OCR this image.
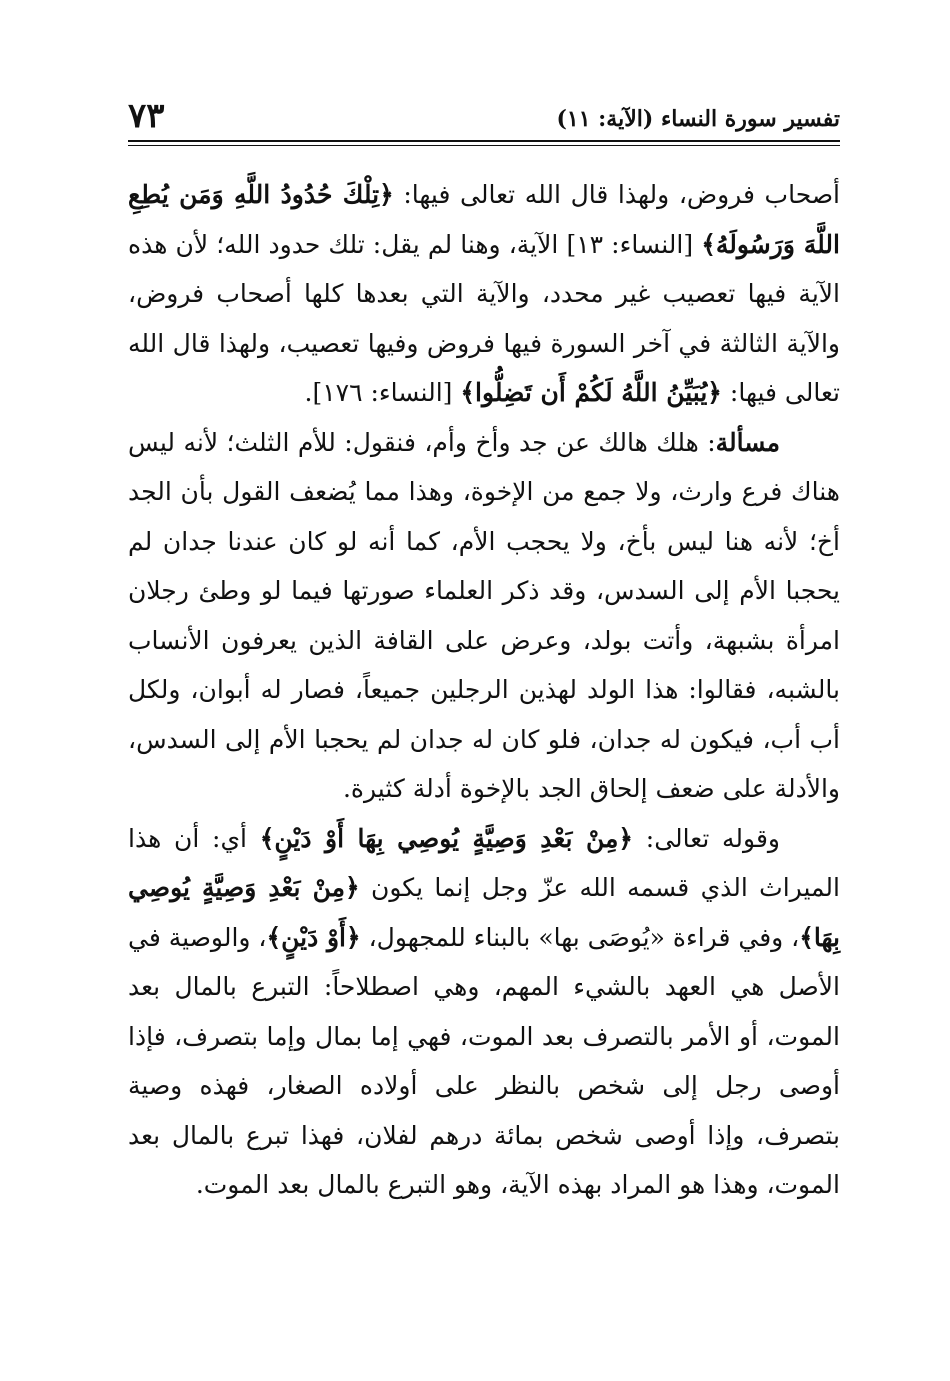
تفسير سورة النساء (الآية: ١١)
٧٣

أصحاب فروض، ولهذا قال الله تعالى فيها: ﴿تِلْكَ حُدُودُ اللَّهِ وَمَن يُطِعِ اللَّهَ وَرَسُولَهُ﴾ [النساء: ١٣] الآية، وهنا لم يقل: تلك حدود الله؛ لأن هذه الآية فيها تعصيب غير محدد، والآية التي بعدها كلها أصحاب فروض، والآية الثالثة في آخر السورة فيها فروض وفيها تعصيب، ولهذا قال الله تعالى فيها: ﴿يُبَيِّنُ اللَّهُ لَكُمْ أَن تَضِلُّوا﴾ [النساء: ١٧٦].

مسألة: هلك هالك عن جد وأخ وأم، فنقول: للأم الثلث؛ لأنه ليس هناك فرع وارث، ولا جمع من الإخوة، وهذا مما يُضعف القول بأن الجد أخ؛ لأنه هنا ليس بأخ، ولا يحجب الأم، كما أنه لو كان عندنا جدان لم يحجبا الأم إلى السدس، وقد ذكر العلماء صورتها فيما لو وطئ رجلان امرأة بشبهة، وأتت بولد، وعرض على القافة الذين يعرفون الأنساب بالشبه، فقالوا: هذا الولد لهذين الرجلين جميعاً، فصار له أبوان، ولكل أب أب، فيكون له جدان، فلو كان له جدان لم يحجبا الأم إلى السدس، والأدلة على ضعف إلحاق الجد بالإخوة أدلة كثيرة.

وقوله تعالى: ﴿مِنْ بَعْدِ وَصِيَّةٍ يُوصِي بِهَا أَوْ دَيْنٍ﴾ أي: أن هذا الميراث الذي قسمه الله عزّ وجل إنما يكون ﴿مِنْ بَعْدِ وَصِيَّةٍ يُوصِي بِهَا﴾، وفي قراءة «يُوصَى بها» بالبناء للمجهول، ﴿أَوْ دَيْنٍ﴾، والوصية في الأصل هي العهد بالشيء المهم، وهي اصطلاحاً: التبرع بالمال بعد الموت، أو الأمر بالتصرف بعد الموت، فهي إما بمال وإما بتصرف، فإذا أوصى رجل إلى شخص بالنظر على أولاده الصغار، فهذه وصية بتصرف، وإذا أوصى شخص بمائة درهم لفلان، فهذا تبرع بالمال بعد الموت، وهذا هو المراد بهذه الآية، وهو التبرع بالمال بعد الموت.
